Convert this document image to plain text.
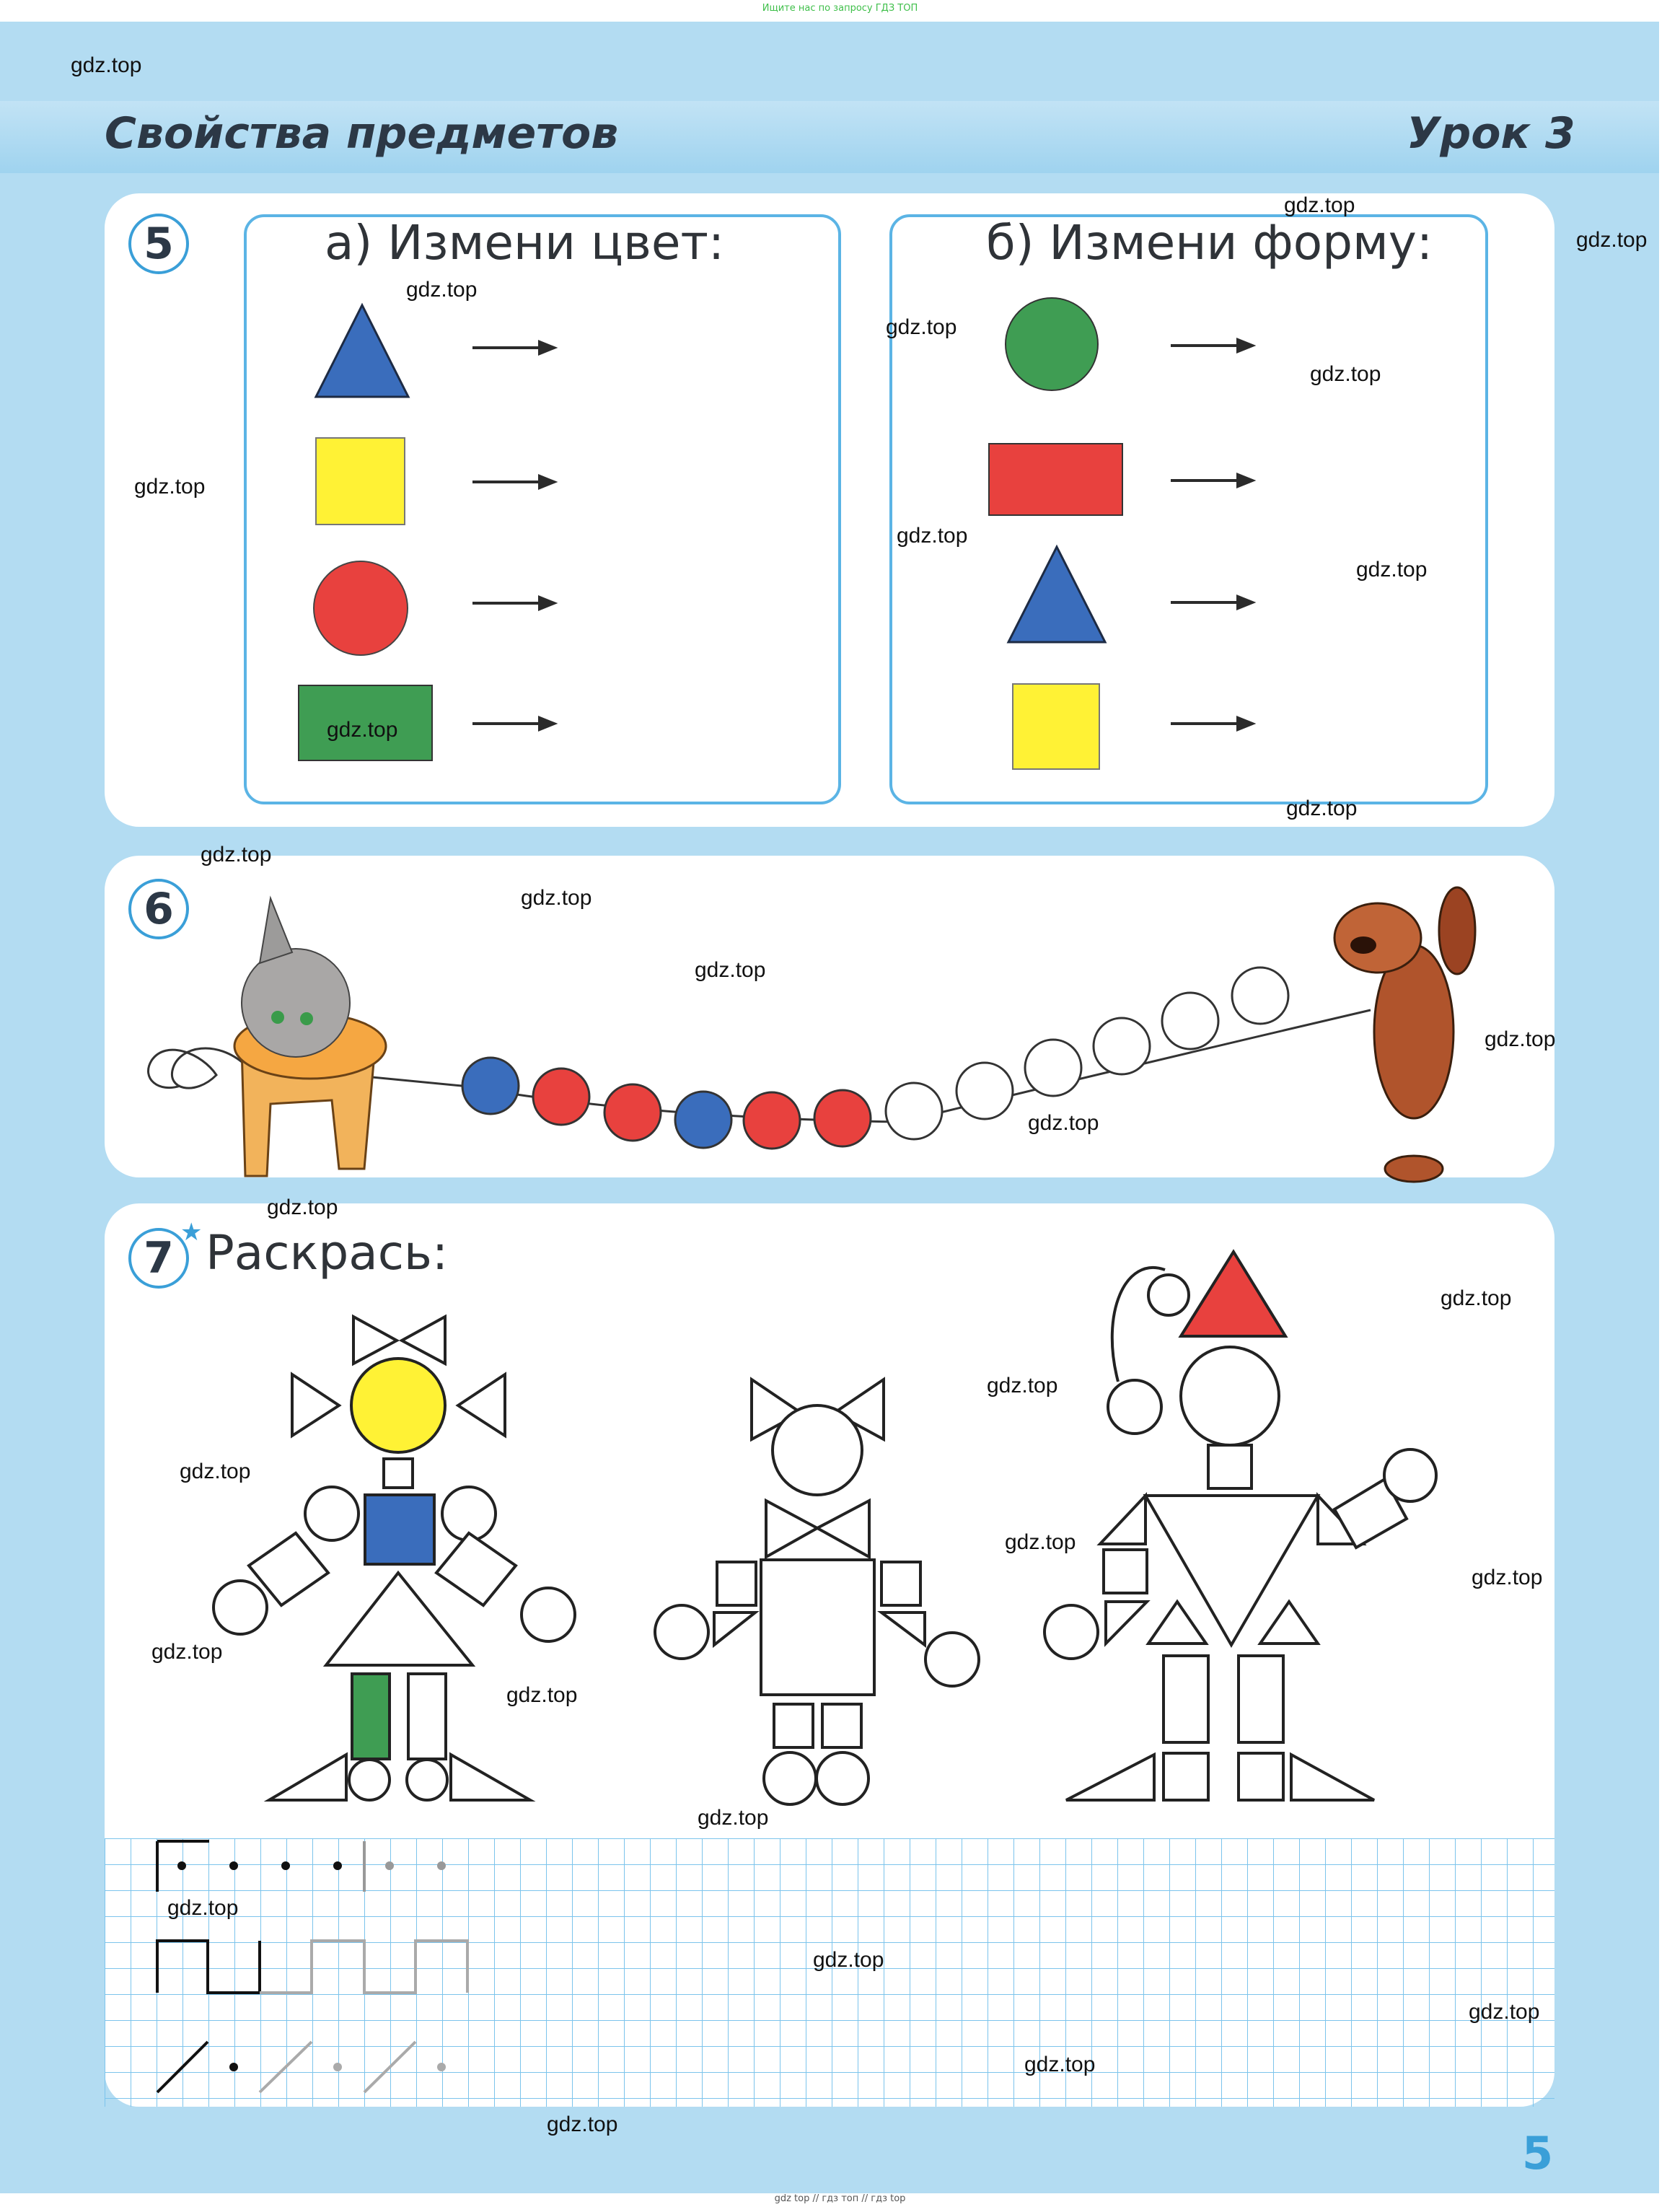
Ищите нас по запросу ГДЗ ТОП
Свойства предметов	Урок 3
5	а) Измени цвет:	б) Измени форму:
6
7
★ Раскрась:
gdz.top
gdz.top
gdz.top
gdz.top
gdz.top
gdz.top
gdz.top
gdz.top
gdz.top
gdz.top
gdz.top
gdz.top
gdz.top
gdz.top
gdz.top
gdz.top
gdz.top
gdz.top
gdz.top
gdz.top
gdz.top
gdz.top
gdz.top
gdz.top
gdz.top
gdz.top
gdz.top
gdz.top
gdz.top
gdz.top
5
gdz top // гдз топ // гдз top
